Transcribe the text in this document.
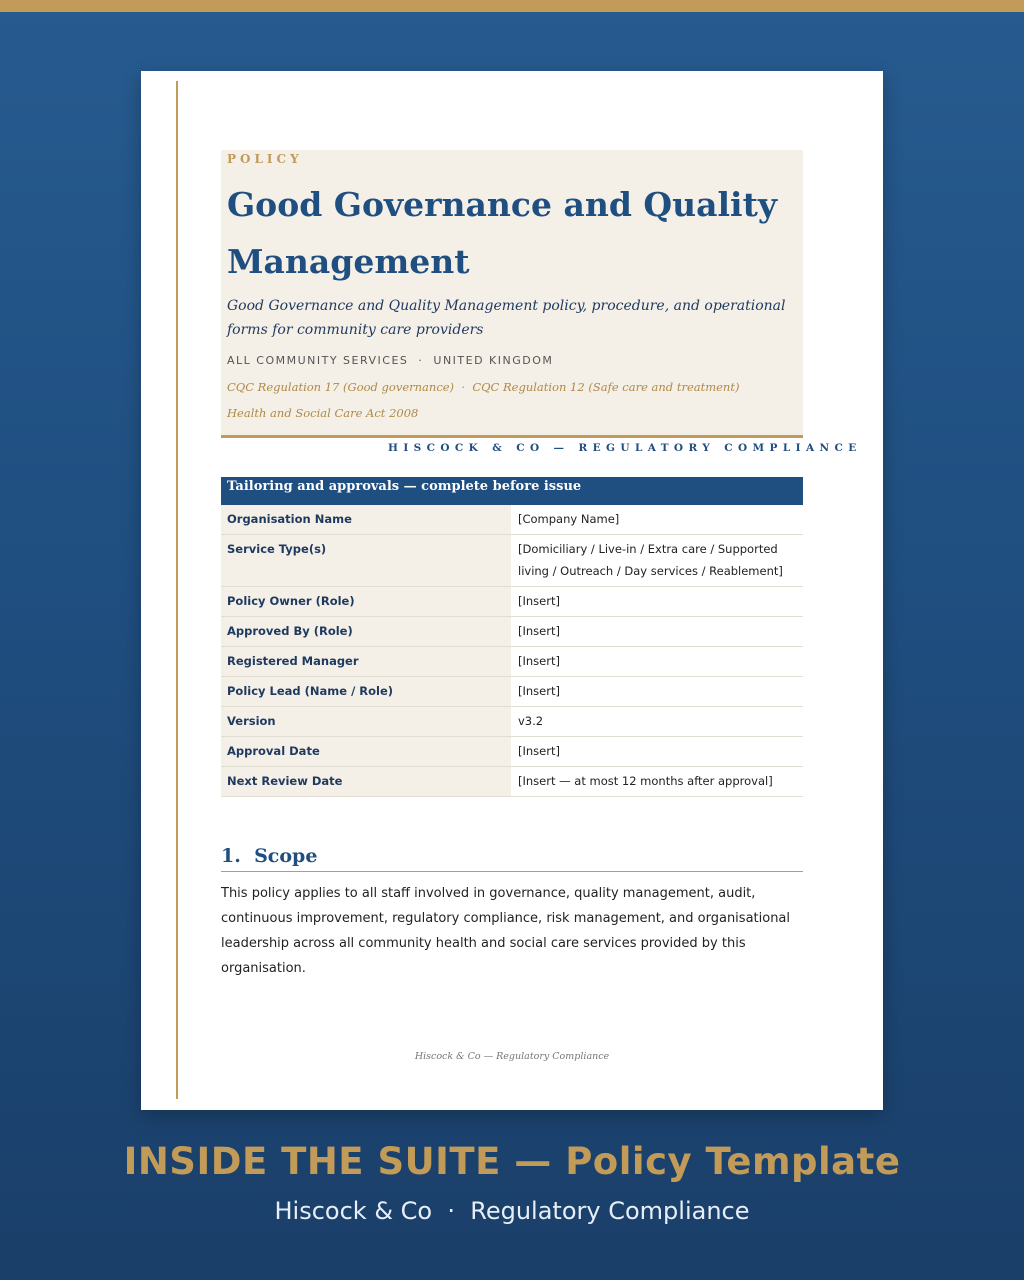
POLICY
Good Governance and Quality Management
Good Governance and Quality Management policy, procedure, and operational forms for community care providers
ALL COMMUNITY SERVICES  ·  UNITED KINGDOM
CQC Regulation 17 (Good governance)  ·  CQC Regulation 12 (Safe care and treatment)
Health and Social Care Act 2008
HISCOCK & CO — REGULATORY COMPLIANCE
Tailoring and approvals — complete before issue
Organisation Name	[Company Name]
Service Type(s)	[Domiciliary / Live-in / Extra care / Supported living / Outreach / Day services / Reablement]
Policy Owner (Role)	[Insert]
Approved By (Role)	[Insert]
Registered Manager	[Insert]
Policy Lead (Name / Role)	[Insert]
Version	v3.2
Approval Date	[Insert]
Next Review Date	[Insert — at most 12 months after approval]
1.  Scope

This policy applies to all staff involved in governance, quality management, audit, continuous improvement, regulatory compliance, risk management, and organisational leadership across all community health and social care services provided by this organisation.

Hiscock & Co — Regulatory Compliance
INSIDE THE SUITE — Policy Template
Hiscock & Co  ·  Regulatory Compliance
